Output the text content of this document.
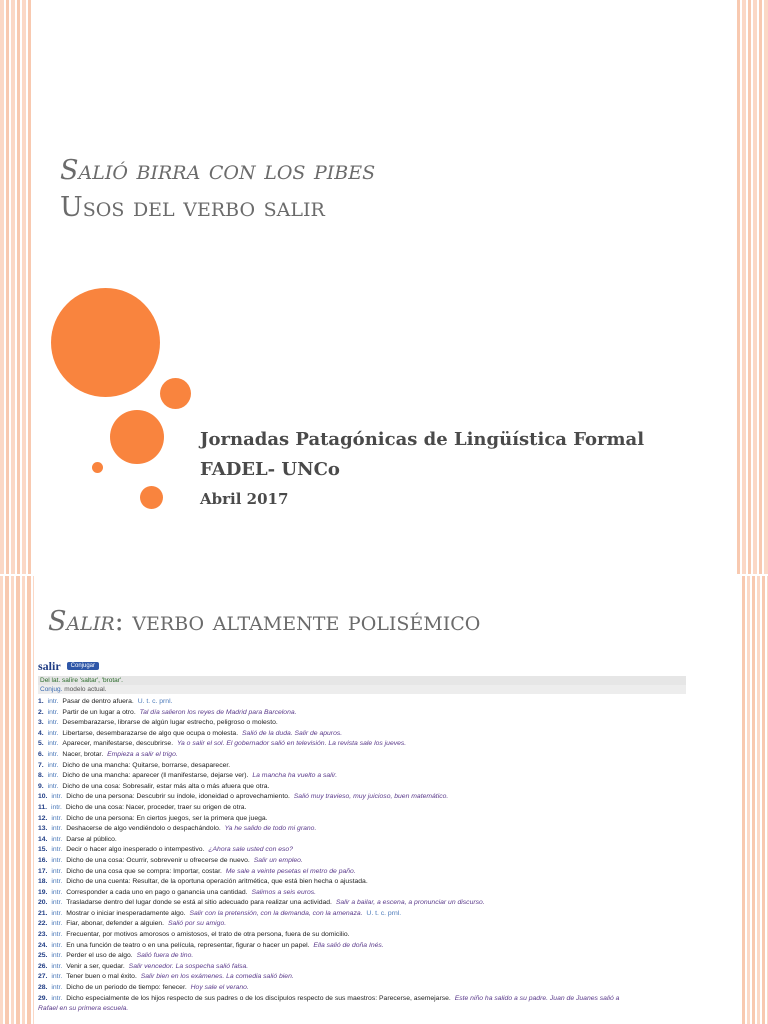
Salió birra con los pibes
Usos del verbo salir
Jornadas Patagónicas de Lingüística Formal
FADEL- UNCo
Abril 2017
Salir: verbo altamente polisémico
salir	Conjugar
Del lat. salīre 'saltar', 'brotar'.
Conjug. modelo actual.
1. intr. Pasar de dentro afuera. U. t. c. prnl.
2. intr. Partir de un lugar a otro. Tal día salieron los reyes de Madrid para Barcelona.
3. intr. Desembarazarse, librarse de algún lugar estrecho, peligroso o molesto.
4. intr. Libertarse, desembarazarse de algo que ocupa o molesta. Salió de la duda. Salir de apuros.
5. intr. Aparecer, manifestarse, descubrirse. Ya o salir el sol. El gobernador salió en televisión. La revista sale los jueves.
6. intr. Nacer, brotar. Empieza a salir el trigo.
7. intr. Dicho de una mancha: Quitarse, borrarse, desaparecer.
8. intr. Dicho de una mancha: aparecer (‖ manifestarse, dejarse ver). La mancha ha vuelto a salir.
9. intr. Dicho de una cosa: Sobresalir, estar más alta o más afuera que otra.
10. intr. Dicho de una persona: Descubrir su índole, idoneidad o aprovechamiento. Salió muy travieso, muy juicioso, buen matemático.
11. intr. Dicho de una cosa: Nacer, proceder, traer su origen de otra.
12. intr. Dicho de una persona: En ciertos juegos, ser la primera que juega.
13. intr. Deshacerse de algo vendiéndolo o despachándolo. Ya he salido de todo mi grano.
14. intr. Darse al público.
15. intr. Decir o hacer algo inesperado o intempestivo. ¿Ahora sale usted con eso?
16. intr. Dicho de una cosa: Ocurrir, sobrevenir u ofrecerse de nuevo. Salir un empleo.
17. intr. Dicho de una cosa que se compra: Importar, costar. Me sale a veinte pesetas el metro de paño.
18. intr. Dicho de una cuenta: Resultar, de la oportuna operación aritmética, que está bien hecha o ajustada.
19. intr. Corresponder a cada uno en pago o ganancia una cantidad. Salimos a seis euros.
20. intr. Trasladarse dentro del lugar donde se está al sitio adecuado para realizar una actividad. Salir a bailar, a escena, a pronunciar un discurso.
21. intr. Mostrar o iniciar inesperadamente algo. Salir con la pretensión, con la demanda, con la amenaza. U. t. c. prnl.
22. intr. Fiar, abonar, defender a alguien. Salió por su amigo.
23. intr. Frecuentar, por motivos amorosos o amistosos, el trato de otra persona, fuera de su domicilio.
24. intr. En una función de teatro o en una película, representar, figurar o hacer un papel. Ella salió de doña Inés.
25. intr. Perder el uso de algo. Salió fuera de tino.
26. intr. Venir a ser, quedar. Salir vencedor. La sospecha salió falsa.
27. intr. Tener buen o mal éxito. Salir bien en los exámenes. La comedia salió bien.
28. intr. Dicho de un periodo de tiempo: fenecer. Hoy sale el verano.
29. intr. Dicho especialmente de los hijos respecto de sus padres o de los discípulos respecto de sus maestros: Parecerse, asemejarse. Este niño ha salido a su padre. Juan de Juanes salió a
Rafael en su primera escuela.
